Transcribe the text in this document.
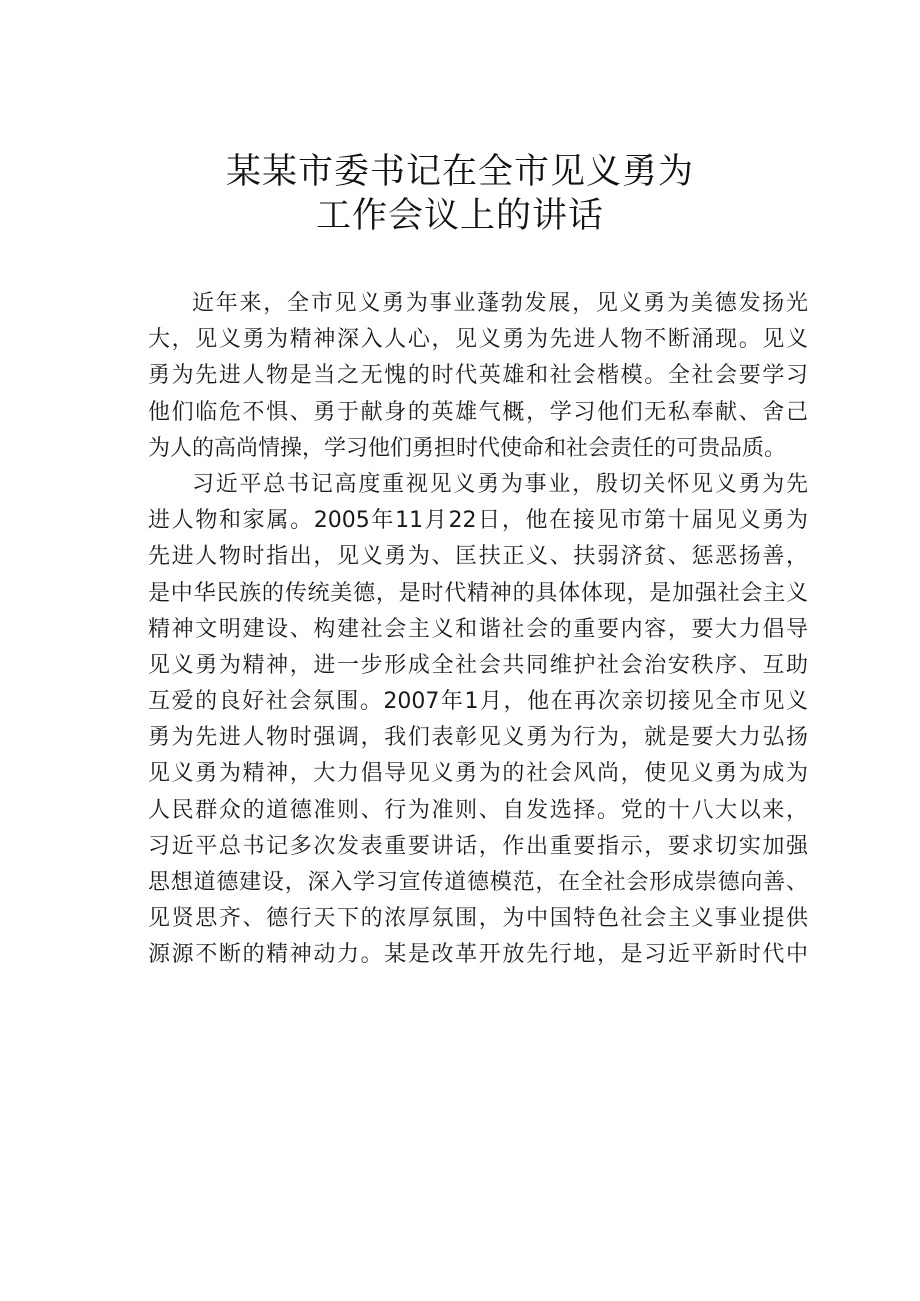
某某市委书记在全市见义勇为
工作会议上的讲话
近年来，全市见义勇为事业蓬勃发展，见义勇为美德发扬光
大，见义勇为精神深入人心，见义勇为先进人物不断涌现。见义
勇为先进人物是当之无愧的时代英雄和社会楷模。全社会要学习
他们临危不惧、勇于献身的英雄气概，学习他们无私奉献、舍己
为人的高尚情操，学习他们勇担时代使命和社会责任的可贵品质。
习近平总书记高度重视见义勇为事业，殷切关怀见义勇为先
进人物和家属。2005年11月22日，他在接见市第十届见义勇为
先进人物时指出，见义勇为、匡扶正义、扶弱济贫、惩恶扬善，
是中华民族的传统美德，是时代精神的具体体现，是加强社会主义
精神文明建设、构建社会主义和谐社会的重要内容，要大力倡导
见义勇为精神，进一步形成全社会共同维护社会治安秩序、互助
互爱的良好社会氛围。2007年1月，他在再次亲切接见全市见义
勇为先进人物时强调，我们表彰见义勇为行为，就是要大力弘扬
见义勇为精神，大力倡导见义勇为的社会风尚，使见义勇为成为
人民群众的道德准则、行为准则、自发选择。党的十八大以来，
习近平总书记多次发表重要讲话，作出重要指示，要求切实加强
思想道德建设，深入学习宣传道德模范，在全社会形成崇德向善、
见贤思齐、德行天下的浓厚氛围，为中国特色社会主义事业提供
源源不断的精神动力。某是改革开放先行地，是习近平新时代中
